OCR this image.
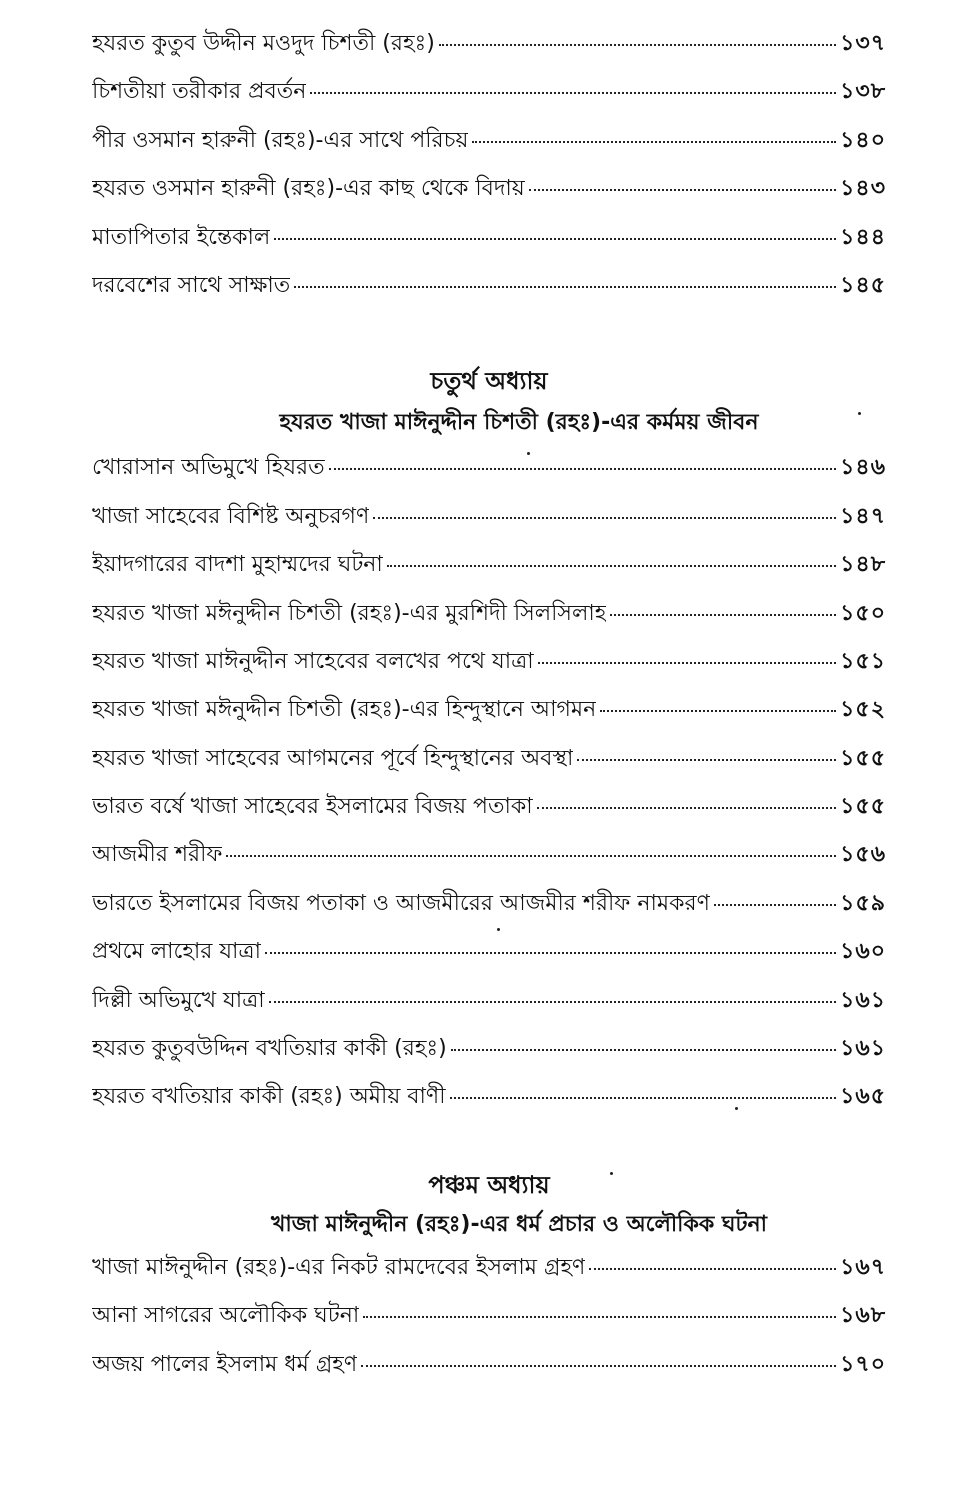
হযরত কুতুব উদ্দীন মওদুদ চিশতী (রহঃ)	১৩৭
চিশতীয়া তরীকার প্রবর্তন	১৩৮
পীর ওসমান হারুনী (রহঃ)-এর সাথে পরিচয়	১৪০
হযরত ওসমান হারুনী (রহঃ)-এর কাছ থেকে বিদায়	১৪৩
মাতাপিতার ইন্তেকাল	১৪৪
দরবেশের সাথে সাক্ষাত	১৪৫
চতুর্থ অধ্যায়
হযরত খাজা মাঈনুদ্দীন চিশতী (রহঃ)-এর কর্মময় জীবন
খোরাসান অভিমুখে হিযরত	১৪৬
খাজা সাহেবের বিশিষ্ট অনুচরগণ	১৪৭
ইয়াদগারের বাদশা মুহাম্মদের ঘটনা	১৪৮
হযরত খাজা মঈনুদ্দীন চিশতী (রহঃ)-এর মুরশিদী সিলসিলাহ	১৫০
হযরত খাজা মাঈনুদ্দীন সাহেবের বলখের পথে যাত্রা	১৫১
হযরত খাজা মঈনুদ্দীন চিশতী (রহঃ)-এর হিন্দুস্থানে আগমন	১৫২
হযরত খাজা সাহেবের আগমনের পূর্বে হিন্দুস্থানের অবস্থা	১৫৫
ভারত বর্ষে খাজা সাহেবের ইসলামের বিজয় পতাকা	১৫৫
আজমীর শরীফ	১৫৬
ভারতে ইসলামের বিজয় পতাকা ও আজমীরের আজমীর শরীফ নামকরণ	১৫৯
প্রথমে লাহোর যাত্রা	১৬০
দিল্লী অভিমুখে যাত্রা	১৬১
হযরত কুতুবউদ্দিন বখতিয়ার কাকী (রহঃ)	১৬১
হযরত বখতিয়ার কাকী (রহঃ) অমীয় বাণী	১৬৫
পঞ্চম অধ্যায়
খাজা মাঈনুদ্দীন (রহঃ)-এর ধর্ম প্রচার ও অলৌকিক ঘটনা
খাজা মাঈনুদ্দীন (রহঃ)-এর নিকট রামদেবের ইসলাম গ্রহণ	১৬৭
আনা সাগরের অলৌকিক ঘটনা	১৬৮
অজয় পালের ইসলাম ধর্ম গ্রহণ	১৭০
